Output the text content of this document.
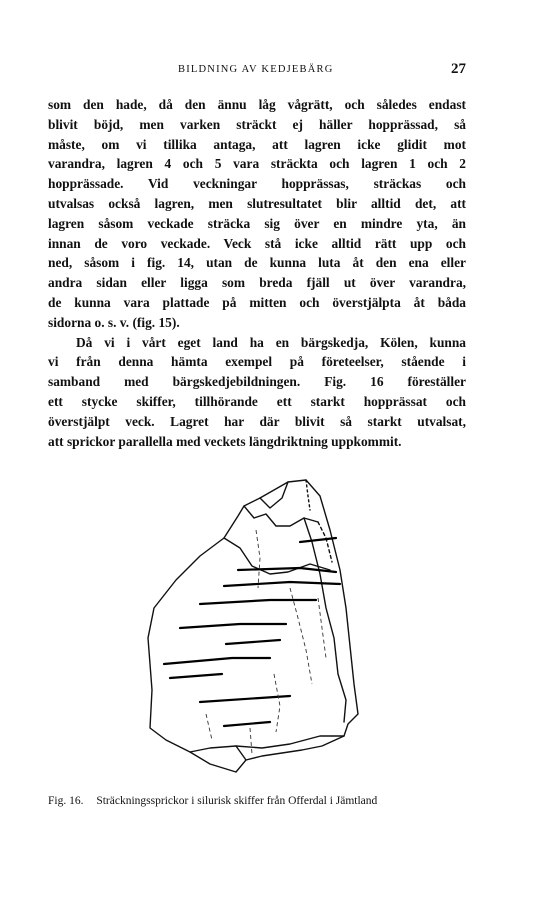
BILDNING AV KEDJEBÄRG	27

som den hade, då den ännu låg vågrätt, och således endast
blivit böjd, men varken sträckt ej häller hopprässad, så
måste, om vi tillika antaga, att lagren icke glidit mot
varandra, lagren 4 och 5 vara sträckta och lagren 1 och 2
hopprässade. Vid veckningar hopprässas, sträckas och
utvalsas också lagren, men slutresultatet blir alltid det, att
lagren såsom veckade sträcka sig över en mindre yta, än
innan de voro veckade. Veck stå icke alltid rätt upp och
ned, såsom i fig. 14, utan de kunna luta åt den ena eller
andra sidan eller ligga som breda fjäll ut över varandra,
de kunna vara plattade på mitten och överstjälpta åt båda
sidorna o. s. v. (fig. 15).

Då vi i vårt eget land ha en bärgskedja, Kölen, kunna
vi från denna hämta exempel på företeelser, stående i
samband med bärgskedjebildningen. Fig. 16 föreställer
ett stycke skiffer, tillhörande ett starkt hopprässat och
överstjälpt veck. Lagret har där blivit så starkt utvalsat,
att sprickor parallella med veckets längdriktning uppkommit.

Fig. 16. Sträckningssprickor i silurisk skiffer från Offerdal i Jämtland
